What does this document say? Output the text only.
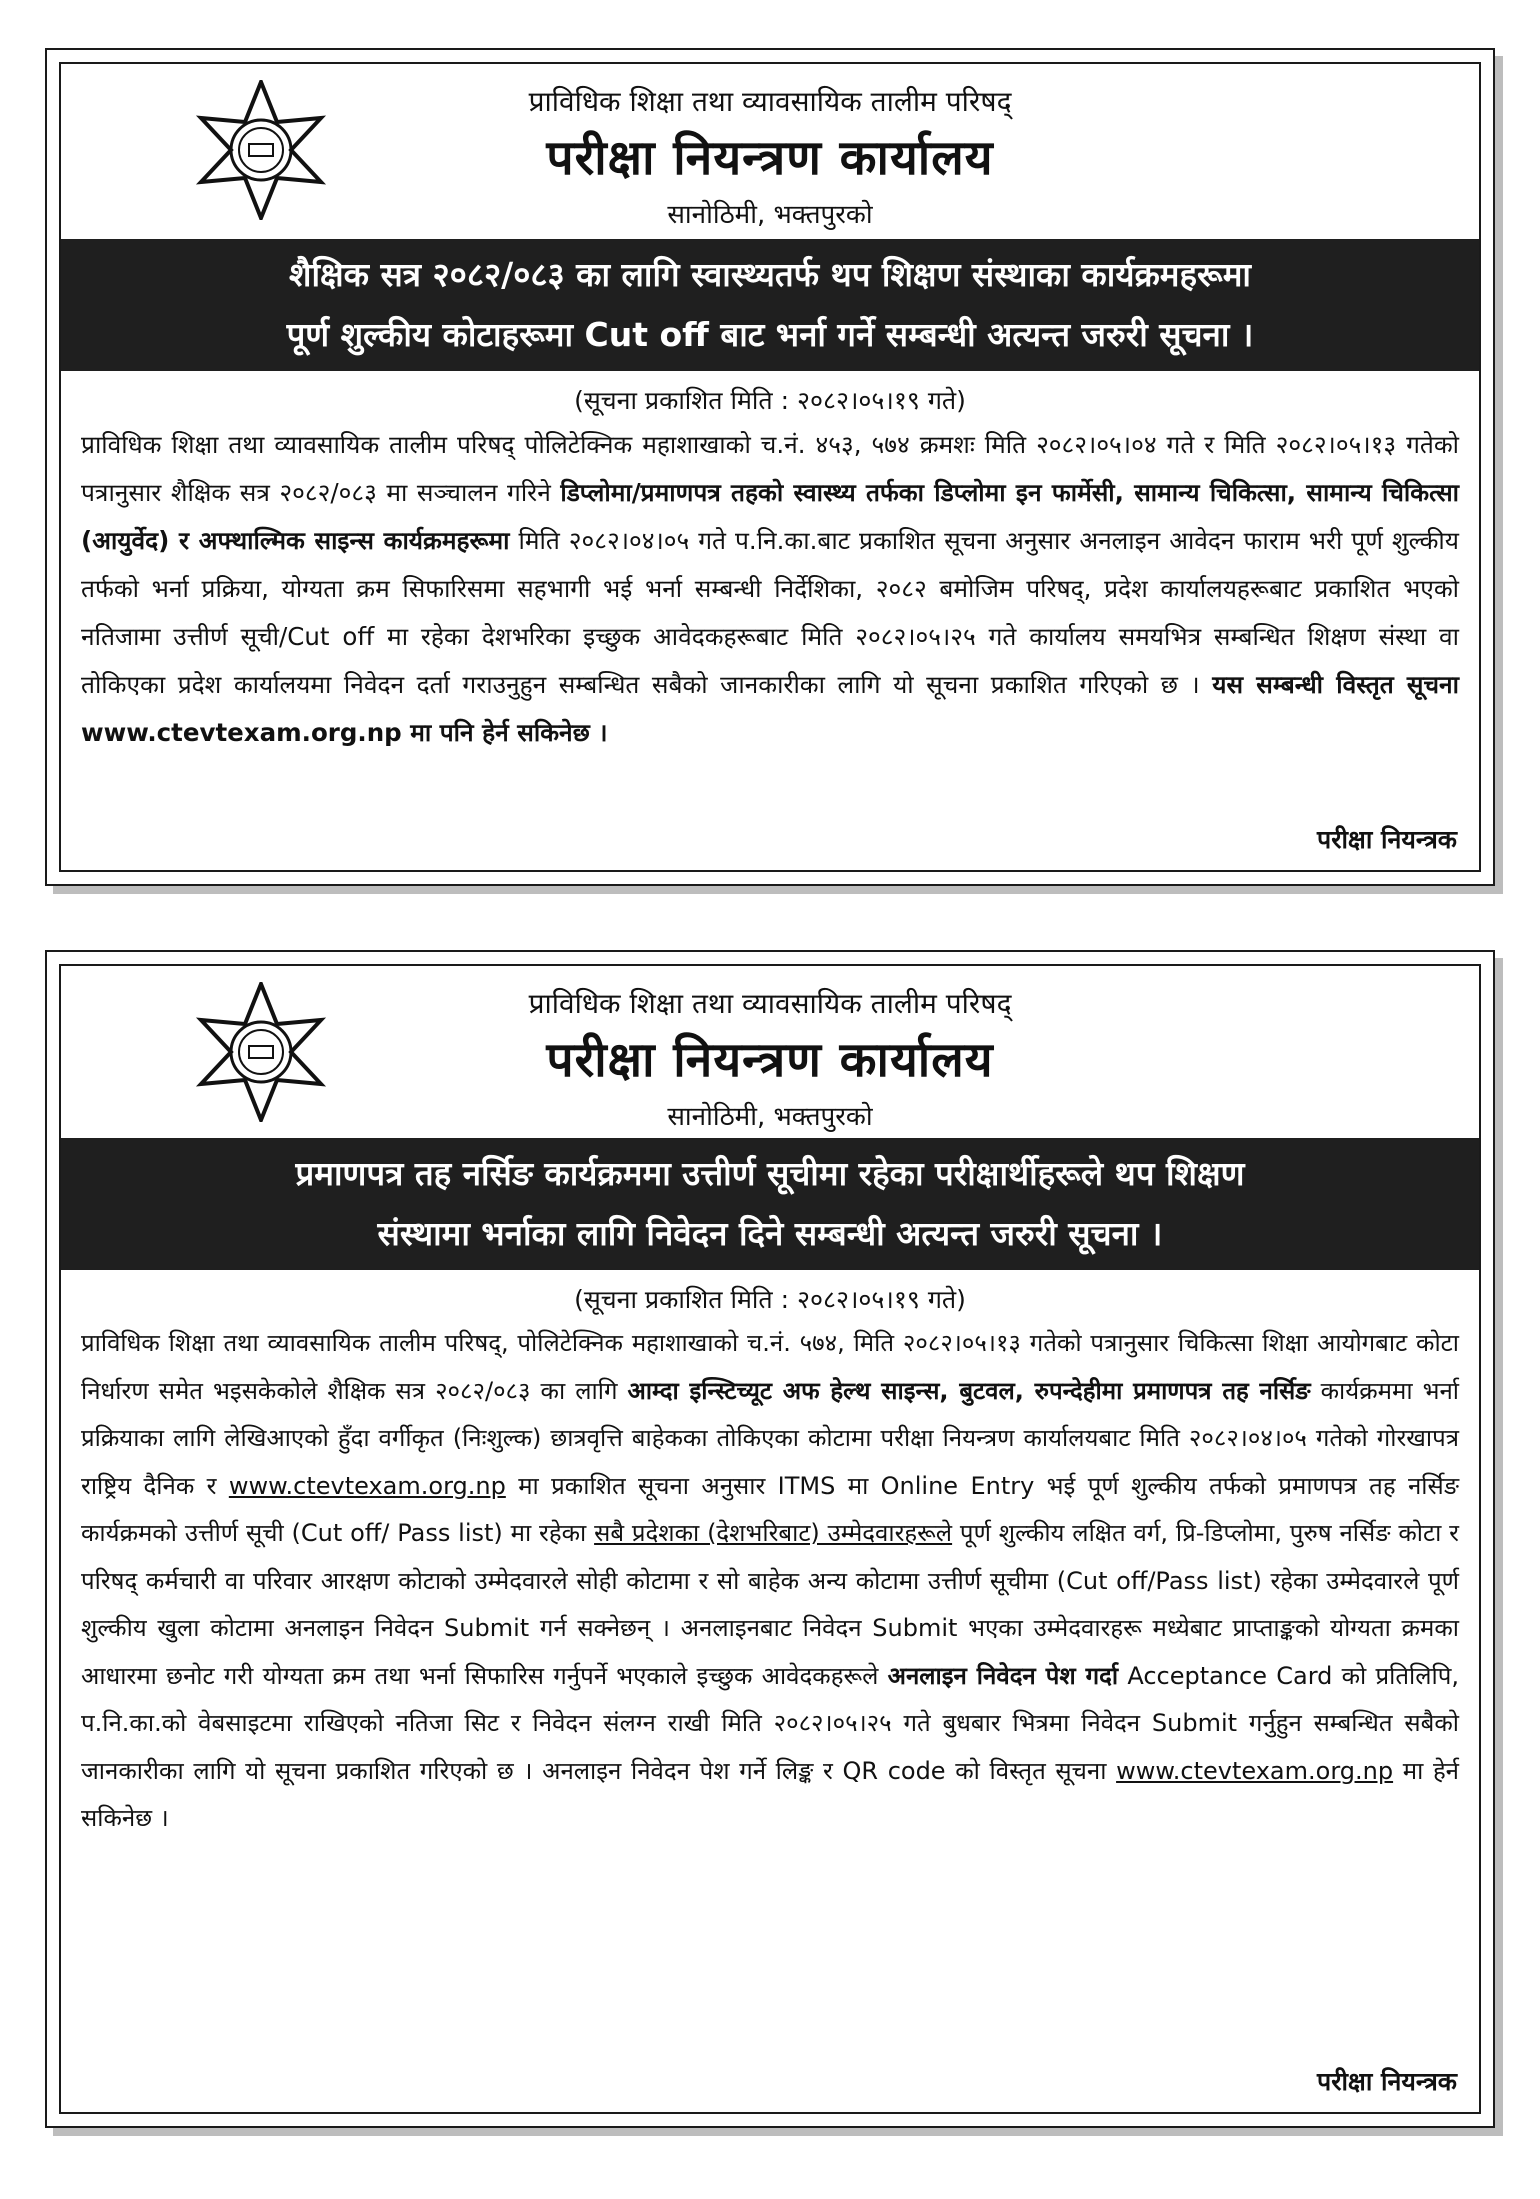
प्राविधिक शिक्षा तथा व्यावसायिक तालीम परिषद्

परीक्षा नियन्त्रण कार्यालय

सानोठिमी, भक्तपुरको

शैक्षिक सत्र २०८२/०८३ का लागि स्वास्थ्यतर्फ थप शिक्षण संस्थाका कार्यक्रमहरूमा
पूर्ण शुल्कीय कोटाहरूमा Cut off बाट भर्ना गर्ने सम्बन्धी अत्यन्त जरुरी सूचना ।
(सूचना प्रकाशित मिति : २०८२।०५।१९ गते)
प्राविधिक शिक्षा तथा व्यावसायिक तालीम परिषद् पोलिटेक्निक महाशाखाको च.नं. ४५३, ५७४ क्रमशः मिति २०८२।०५।०४ गते र मिति २०८२।०५।१३ गतेको पत्रानुसार शैक्षिक सत्र २०८२/०८३ मा सञ्चालन गरिने डिप्लोमा/प्रमाणपत्र तहको स्वास्थ्य तर्फका डिप्लोमा इन फार्मेसी, सामान्य चिकित्सा, सामान्य चिकित्सा (आयुर्वेद) र अफ्थाल्मिक साइन्स कार्यक्रमहरूमा मिति २०८२।०४।०५ गते प.नि.का.बाट प्रकाशित सूचना अनुसार अनलाइन आवेदन फाराम भरी पूर्ण शुल्कीय तर्फको भर्ना प्रक्रिया, योग्यता क्रम सिफारिसमा सहभागी भई भर्ना सम्बन्धी निर्देशिका, २०८२ बमोजिम परिषद्, प्रदेश कार्यालयहरूबाट प्रकाशित भएको नतिजामा उत्तीर्ण सूची/Cut off मा रहेका देशभरिका इच्छुक आवेदकहरूबाट मिति २०८२।०५।२५ गते कार्यालय समयभित्र सम्बन्धित शिक्षण संस्था वा तोकिएका प्रदेश कार्यालयमा निवेदन दर्ता गराउनुहुन सम्बन्धित सबैको जानकारीका लागि यो सूचना प्रकाशित गरिएको छ । यस सम्बन्धी विस्तृत सूचना www.ctevtexam.org.np मा पनि हेर्न सकिनेछ ।
परीक्षा नियन्त्रक

प्राविधिक शिक्षा तथा व्यावसायिक तालीम परिषद्

परीक्षा नियन्त्रण कार्यालय

सानोठिमी, भक्तपुरको

प्रमाणपत्र तह नर्सिङ कार्यक्रममा उत्तीर्ण सूचीमा रहेका परीक्षार्थीहरूले थप शिक्षण
संस्थामा भर्नाका लागि निवेदन दिने सम्बन्धी अत्यन्त जरुरी सूचना ।
(सूचना प्रकाशित मिति : २०८२।०५।१९ गते)
प्राविधिक शिक्षा तथा व्यावसायिक तालीम परिषद्, पोलिटेक्निक महाशाखाको च.नं. ५७४, मिति २०८२।०५।१३ गतेको पत्रानुसार चिकित्सा शिक्षा आयोगबाट कोटा निर्धारण समेत भइसकेकोले शैक्षिक सत्र २०८२/०८३ का लागि आम्दा इन्स्टिच्यूट अफ हेल्थ साइन्स, बुटवल, रुपन्देहीमा प्रमाणपत्र तह नर्सिङ कार्यक्रममा भर्ना प्रक्रियाका लागि लेखिआएको हुँदा वर्गीकृत (निःशुल्क) छात्रवृत्ति बाहेकका तोकिएका कोटामा परीक्षा नियन्त्रण कार्यालयबाट मिति २०८२।०४।०५ गतेको गोरखापत्र राष्ट्रिय दैनिक र www.ctevtexam.org.np मा प्रकाशित सूचना अनुसार ITMS मा Online Entry भई पूर्ण शुल्कीय तर्फको प्रमाणपत्र तह नर्सिङ कार्यक्रमको उत्तीर्ण सूची (Cut off/ Pass list) मा रहेका सबै प्रदेशका (देशभरिबाट) उम्मेदवारहरूले पूर्ण शुल्कीय लक्षित वर्ग, प्रि-डिप्लोमा, पुरुष नर्सिङ कोटा र परिषद् कर्मचारी वा परिवार आरक्षण कोटाको उम्मेदवारले सोही कोटामा र सो बाहेक अन्य कोटामा उत्तीर्ण सूचीमा (Cut off/Pass list) रहेका उम्मेदवारले पूर्ण शुल्कीय खुला कोटामा अनलाइन निवेदन Submit गर्न सक्नेछन् । अनलाइनबाट निवेदन Submit भएका उम्मेदवारहरू मध्येबाट प्राप्ताङ्कको योग्यता क्रमका आधारमा छनोट गरी योग्यता क्रम तथा भर्ना सिफारिस गर्नुपर्ने भएकाले इच्छुक आवेदकहरूले अनलाइन निवेदन पेश गर्दा Acceptance Card को प्रतिलिपि, प.नि.का.को वेबसाइटमा राखिएको नतिजा सिट र निवेदन संलग्न राखी मिति २०८२।०५।२५ गते बुधबार भित्रमा निवेदन Submit गर्नुहुन सम्बन्धित सबैको जानकारीका लागि यो सूचना प्रकाशित गरिएको छ । अनलाइन निवेदन पेश गर्ने लिङ्क र QR code को विस्तृत सूचना www.ctevtexam.org.np मा हेर्न सकिनेछ ।
परीक्षा नियन्त्रक
